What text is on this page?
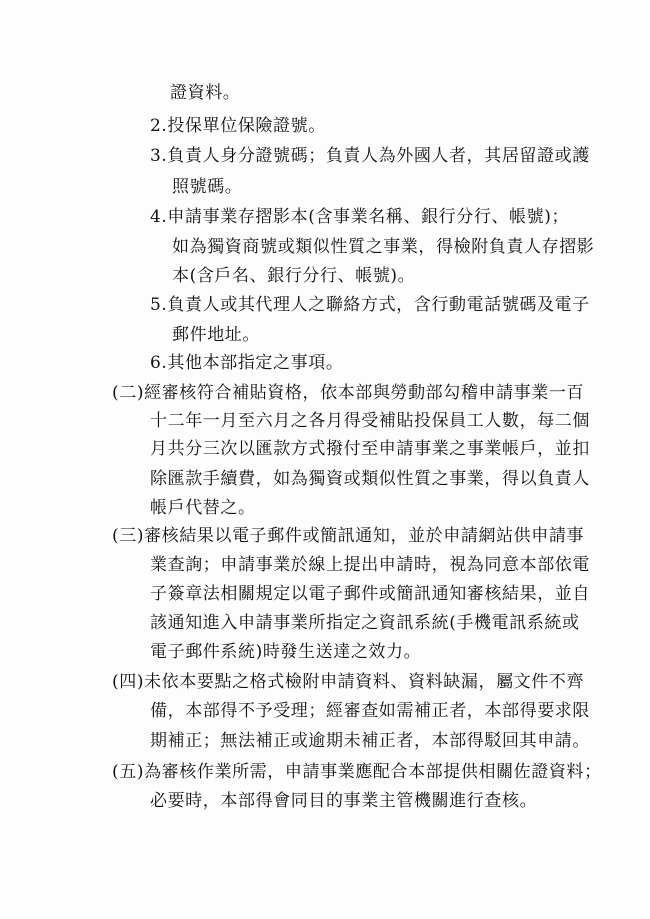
證資料。
2.投保單位保險證號。
3.負責人身分證號碼；負責人為外國人者，其居留證或護
照號碼。
4.申請事業存摺影本(含事業名稱、銀行分行、帳號)；
如為獨資商號或類似性質之事業，得檢附負責人存摺影
本(含戶名、銀行分行、帳號)。
5.負責人或其代理人之聯絡方式，含行動電話號碼及電子
郵件地址。
6.其他本部指定之事項。
(二)經審核符合補貼資格，依本部與勞動部勾稽申請事業一百
十二年一月至六月之各月得受補貼投保員工人數，每二個
月共分三次以匯款方式撥付至申請事業之事業帳戶，並扣
除匯款手續費，如為獨資或類似性質之事業，得以負責人
帳戶代替之。
(三)審核結果以電子郵件或簡訊通知，並於申請網站供申請事
業查詢；申請事業於線上提出申請時，視為同意本部依電
子簽章法相關規定以電子郵件或簡訊通知審核結果，並自
該通知進入申請事業所指定之資訊系統(手機電訊系統或
電子郵件系統)時發生送達之效力。
(四)未依本要點之格式檢附申請資料、資料缺漏，屬文件不齊
備，本部得不予受理；經審查如需補正者，本部得要求限
期補正；無法補正或逾期未補正者，本部得駁回其申請。
(五)為審核作業所需，申請事業應配合本部提供相關佐證資料；
必要時，本部得會同目的事業主管機關進行查核。
